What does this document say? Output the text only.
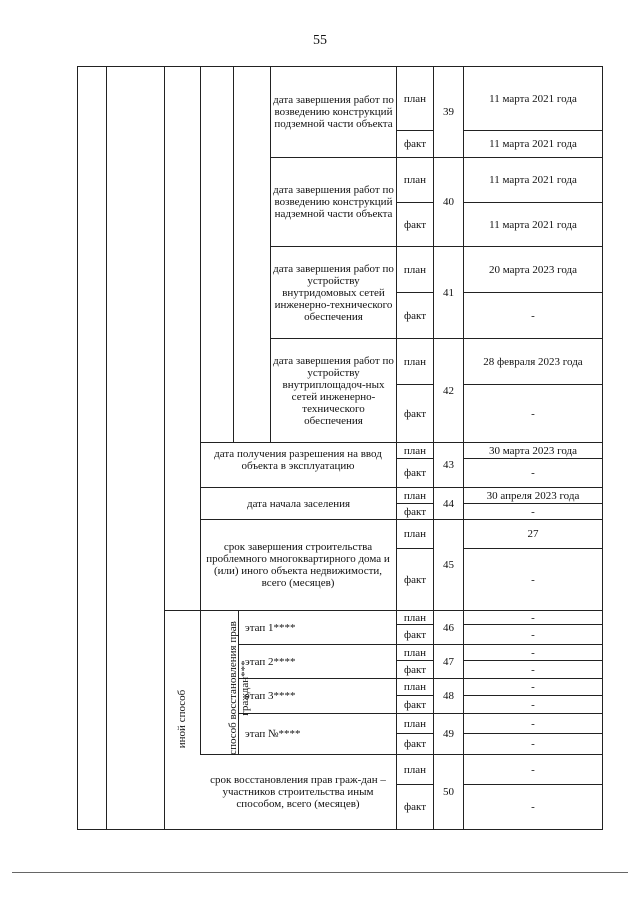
55
иной способ	способ восстановления прав граждан***
дата завершения работ по возведению конструкций подземной части объекта
план
факт
39
11 марта 2021 года
11 марта 2021 года
дата завершения работ по возведению конструкций надземной части объекта
план
факт
40
11 марта 2021 года
11 марта 2021 года
дата завершения работ по устройству внутридомовых сетей инженерно-технического обеспечения
план
факт
41
20 марта 2023 года
-
дата завершения работ по устройству внутриплощадоч-ных сетей инженерно-технического обеспечения
план
факт
42
28 февраля 2023 года
-
дата получения разрешения на ввод объекта в эксплуатацию
план
факт
43
30 марта 2023 года
-
дата начала заселения
план
факт
44
30 апреля 2023 года
-
срок завершения строительства проблемного многоквартирного дома и (или) иного объекта недвижимости, всего (месяцев)
план
факт
45
27
-
этап 1****
план
факт
46
-
-
этап 2****
план
факт
47
-
-
этап 3****
план
факт
48
-
-
этап №****
план
факт
49
-
-
срок восстановления прав граж-дан – участников строительства иным способом, всего (месяцев)
план
факт
50
-
-
